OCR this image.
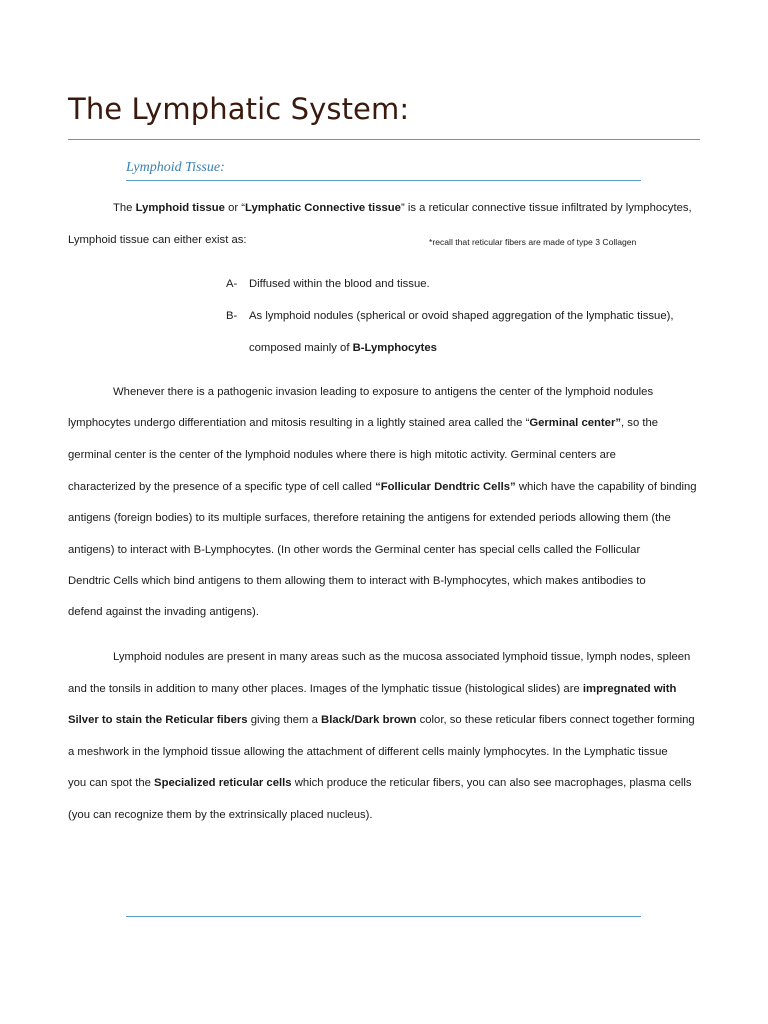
The Lymphatic System:
Lymphoid Tissue:
The Lymphoid tissue or “Lymphatic Connective tissue” is a reticular connective tissue infiltrated by lymphocytes,
Lymphoid tissue can either exist as:	*recall that reticular fibers are made of type 3 Collagen
A- Diffused within the blood and tissue.
B- As lymphoid nodules (spherical or ovoid shaped aggregation of the lymphatic tissue),
composed mainly of B-Lymphocytes
Whenever there is a pathogenic invasion leading to exposure to antigens the center of the lymphoid nodules
lymphocytes undergo differentiation and mitosis resulting in a lightly stained area called the “Germinal center”, so the
germinal center is the center of the lymphoid nodules where there is high mitotic activity. Germinal centers are
characterized by the presence of a specific type of cell called “Follicular Dendtric Cells” which have the capability of binding
antigens (foreign bodies) to its multiple surfaces, therefore retaining the antigens for extended periods allowing them (the
antigens) to interact with B-Lymphocytes. (In other words the Germinal center has special cells called the Follicular
Dendtric Cells which bind antigens to them allowing them to interact with B-lymphocytes, which makes antibodies to
defend against the invading antigens).
Lymphoid nodules are present in many areas such as the mucosa associated lymphoid tissue, lymph nodes, spleen
and the tonsils in addition to many other places. Images of the lymphatic tissue (histological slides) are impregnated with
Silver to stain the Reticular fibers giving them a Black/Dark brown color, so these reticular fibers connect together forming
a meshwork in the lymphoid tissue allowing the attachment of different cells mainly lymphocytes. In the Lymphatic tissue
you can spot the Specialized reticular cells which produce the reticular fibers, you can also see macrophages, plasma cells
(you can recognize them by the extrinsically placed nucleus).
